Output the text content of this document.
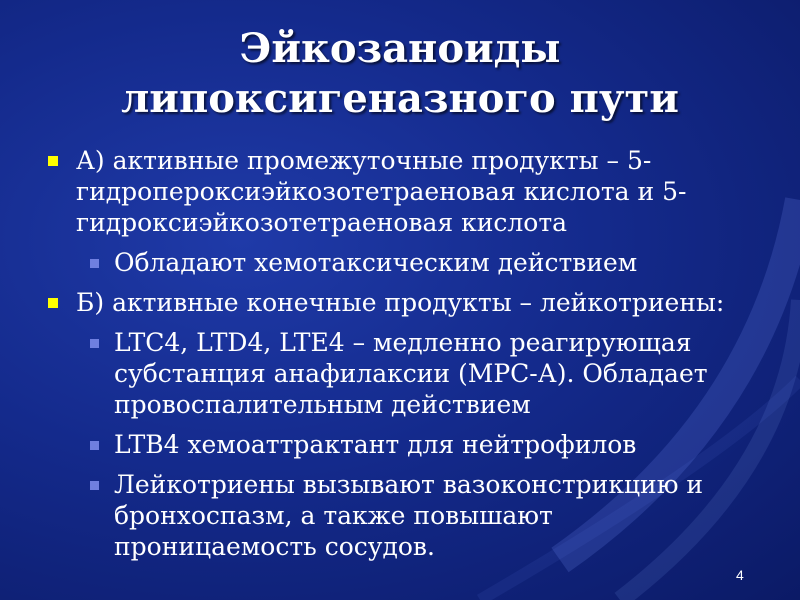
Эйкозаноиды липоксигеназного пути
А) активные промежуточные продукты – 5-гидропероксиэйкозотетраеновая кислота и 5-гидроксиэйкозотетраеновая кислота
Обладают хемотаксическим действием
Б) активные конечные продукты – лейкотриены:
LTC4, LTD4, LTE4 – медленно реагирующая субстанция анафилаксии (МРС-А). Обладает провоспалительным действием
LTB4 хемоаттрактант для нейтрофилов
Лейкотриены вызывают вазоконстрикцию и бронхоспазм, а также повышают проницаемость сосудов.
4
